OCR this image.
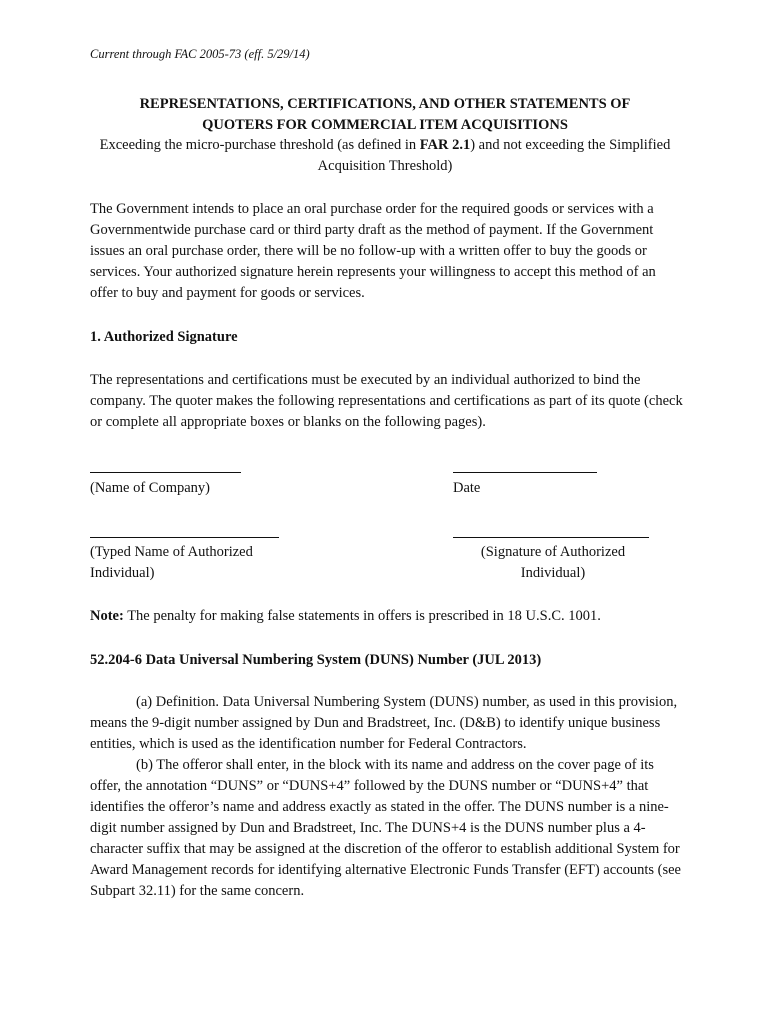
Current through FAC 2005-73 (eff. 5/29/14)
REPRESENTATIONS, CERTIFICATIONS, AND OTHER STATEMENTS OF
QUOTERS FOR COMMERCIAL ITEM ACQUISITIONS
Exceeding the micro-purchase threshold (as defined in FAR 2.1) and not exceeding the Simplified Acquisition Threshold)
The Government intends to place an oral purchase order for the required goods or services with a Governmentwide purchase card or third party draft as the method of payment. If the Government issues an oral purchase order, there will be no follow-up with a written offer to buy the goods or services. Your authorized signature herein represents your willingness to accept this method of an offer to buy and payment for goods or services.
1. Authorized Signature
The representations and certifications must be executed by an individual authorized to bind the company. The quoter makes the following representations and certifications as part of its quote (check or complete all appropriate boxes or blanks on the following pages).
(Name of Company)	Date
(Typed Name of Authorized Individual)
(Signature of Authorized Individual)
Note: The penalty for making false statements in offers is prescribed in 18 U.S.C. 1001.
52.204-6 Data Universal Numbering System (DUNS) Number (JUL 2013)
(a) Definition. Data Universal Numbering System (DUNS) number, as used in this provision, means the 9-digit number assigned by Dun and Bradstreet, Inc. (D&B) to identify unique business entities, which is used as the identification number for Federal Contractors.
(b) The offeror shall enter, in the block with its name and address on the cover page of its offer, the annotation “DUNS” or “DUNS+4” followed by the DUNS number or “DUNS+4” that identifies the offeror’s name and address exactly as stated in the offer. The DUNS number is a nine-digit number assigned by Dun and Bradstreet, Inc. The DUNS+4 is the DUNS number plus a 4-character suffix that may be assigned at the discretion of the offeror to establish additional System for Award Management records for identifying alternative Electronic Funds Transfer (EFT) accounts (see Subpart 32.11) for the same concern.
